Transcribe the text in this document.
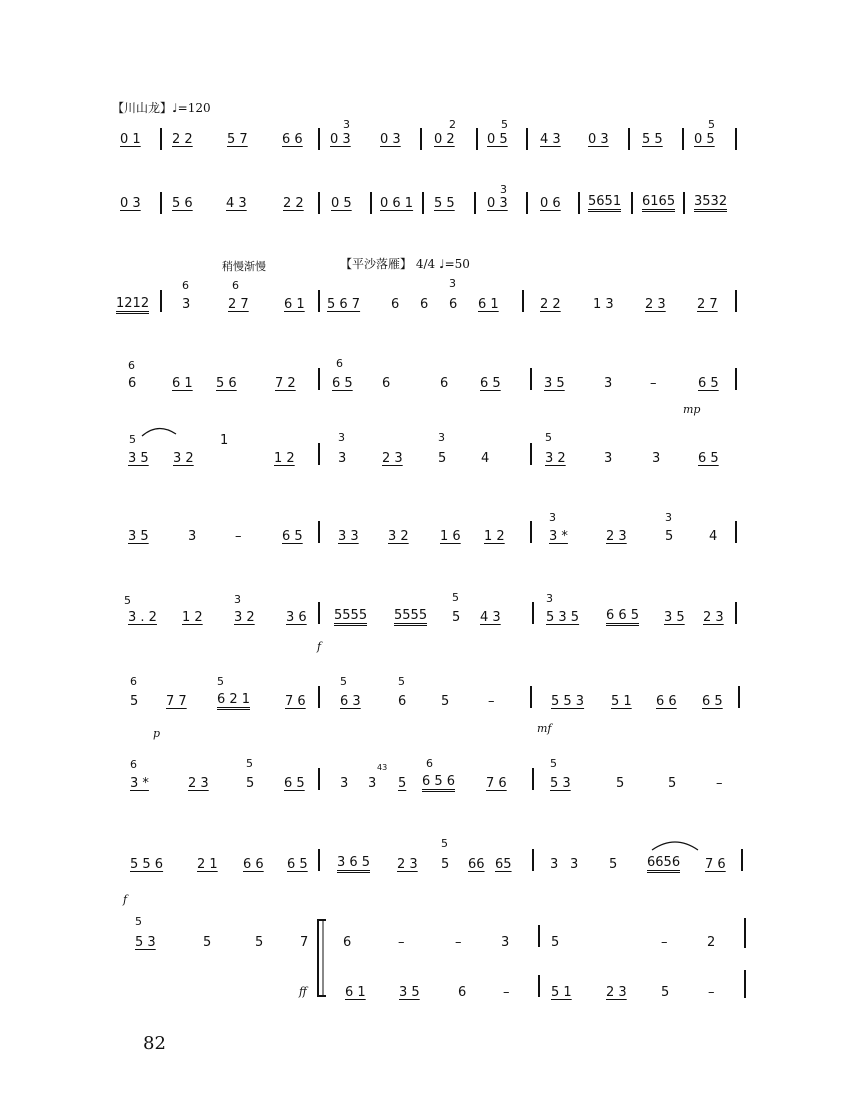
【川山龙】♩=120
稍慢渐慢	【平沙落雁】 4/4 ♩=50
0 1 2 2	5 7	6 6
3
0 3 0 3
2
0 2
5
0 5 4 3 0 3	5 5
5
0 5
0 3 5 6	4 3	2 2 0 5 0 6 1 5 5
3
0 3 0 6 5651 6165 3532
1212
6
3
6
2 7	6 1 5 6 7 6 6
3
6 6 1	2 2 1 3 2 3 2 7
6
6	6 1 5 6	7 2
6
6 5 6	6 6 5	3 5	3	–	6 5
mp
5
3 5 3 2
1
1 2
3
3	2 3
3
5	4
5
3 2	3	3	6 5
3 5	3	–	6 5	3 3 3 2 1 6 1 2
3
3 *	2 3
3
5	4
5
3 . 2 1 2
3
3 2 3 6 5555 5555
5
5 4 3
3
5 3 5 6 6 5 3 5 2 3
f
6
5 7 7
5
6 2 1	7 6
5
6 3
5
6	5	–	5 5 3 5 1 6 6 6 5
p	mf
6
3 *	2 3
5
5 6 5	3 3
43
5
6
6 5 6 7 6
5
5 3	5	5	–
5 5 6	2 1 6 6 6 5 3 6 5 2 3
5
5 66 65	3 3 5 6656 7 6
f
5
5 3	5	5	7	6	–	–	3	5	–	2
ff	6 1	3 5	6	–	5 1	2 3	5	–
82
